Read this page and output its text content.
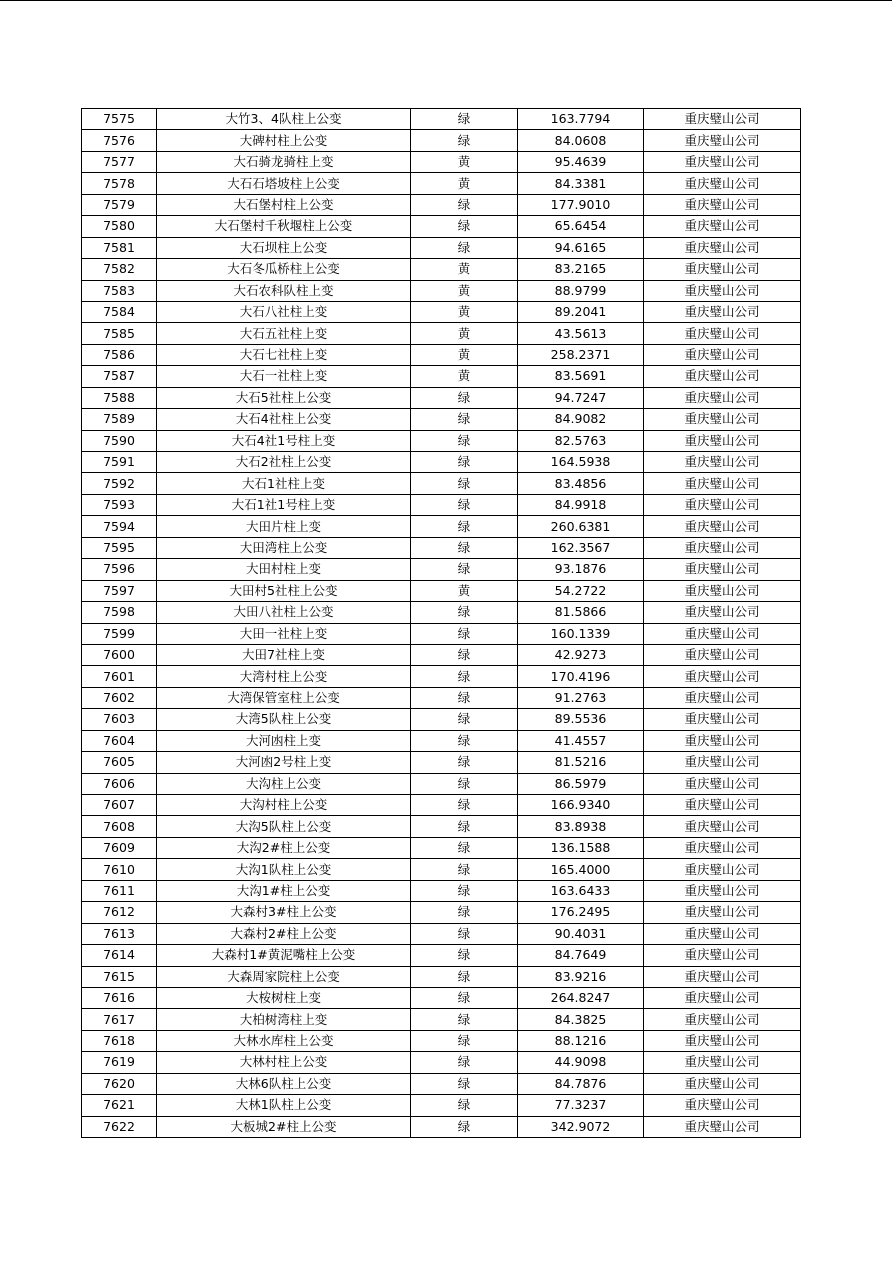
7575	大竹3、4队柱上公变	绿	163.7794	重庆璧山公司
7576	大碑村柱上公变	绿	84.0608	重庆璧山公司
7577	大石骑龙骑柱上变	黄	95.4639	重庆璧山公司
7578	大石石塔坡柱上公变	黄	84.3381	重庆璧山公司
7579	大石堡村柱上公变	绿	177.9010	重庆璧山公司
7580	大石堡村千秋堰柱上公变	绿	65.6454	重庆璧山公司
7581	大石坝柱上公变	绿	94.6165	重庆璧山公司
7582	大石冬瓜桥柱上公变	黄	83.2165	重庆璧山公司
7583	大石农科队柱上变	黄	88.9799	重庆璧山公司
7584	大石八社柱上变	黄	89.2041	重庆璧山公司
7585	大石五社柱上变	黄	43.5613	重庆璧山公司
7586	大石七社柱上变	黄	258.2371	重庆璧山公司
7587	大石一社柱上变	黄	83.5691	重庆璧山公司
7588	大石5社柱上公变	绿	94.7247	重庆璧山公司
7589	大石4社柱上公变	绿	84.9082	重庆璧山公司
7590	大石4社1号柱上变	绿	82.5763	重庆璧山公司
7591	大石2社柱上公变	绿	164.5938	重庆璧山公司
7592	大石1社柱上变	绿	83.4856	重庆璧山公司
7593	大石1社1号柱上变	绿	84.9918	重庆璧山公司
7594	大田片柱上变	绿	260.6381	重庆璧山公司
7595	大田湾柱上公变	绿	162.3567	重庆璧山公司
7596	大田村柱上变	绿	93.1876	重庆璧山公司
7597	大田村5社柱上公变	黄	54.2722	重庆璧山公司
7598	大田八社柱上公变	绿	81.5866	重庆璧山公司
7599	大田一社柱上变	绿	160.1339	重庆璧山公司
7600	大田7社柱上变	绿	42.9273	重庆璧山公司
7601	大湾村柱上公变	绿	170.4196	重庆璧山公司
7602	大湾保管室柱上公变	绿	91.2763	重庆璧山公司
7603	大湾5队柱上公变	绿	89.5536	重庆璧山公司
7604	大河凼柱上变	绿	41.4557	重庆璧山公司
7605	大河凼2号柱上变	绿	81.5216	重庆璧山公司
7606	大沟柱上公变	绿	86.5979	重庆璧山公司
7607	大沟村柱上公变	绿	166.9340	重庆璧山公司
7608	大沟5队柱上公变	绿	83.8938	重庆璧山公司
7609	大沟2#柱上公变	绿	136.1588	重庆璧山公司
7610	大沟1队柱上公变	绿	165.4000	重庆璧山公司
7611	大沟1#柱上公变	绿	163.6433	重庆璧山公司
7612	大森村3#柱上公变	绿	176.2495	重庆璧山公司
7613	大森村2#柱上公变	绿	90.4031	重庆璧山公司
7614	大森村1#黄泥嘴柱上公变	绿	84.7649	重庆璧山公司
7615	大森周家院柱上公变	绿	83.9216	重庆璧山公司
7616	大桉树柱上变	绿	264.8247	重庆璧山公司
7617	大柏树湾柱上变	绿	84.3825	重庆璧山公司
7618	大林水库柱上公变	绿	88.1216	重庆璧山公司
7619	大林村柱上公变	绿	44.9098	重庆璧山公司
7620	大林6队柱上公变	绿	84.7876	重庆璧山公司
7621	大林1队柱上公变	绿	77.3237	重庆璧山公司
7622	大板城2#柱上公变	绿	342.9072	重庆璧山公司
